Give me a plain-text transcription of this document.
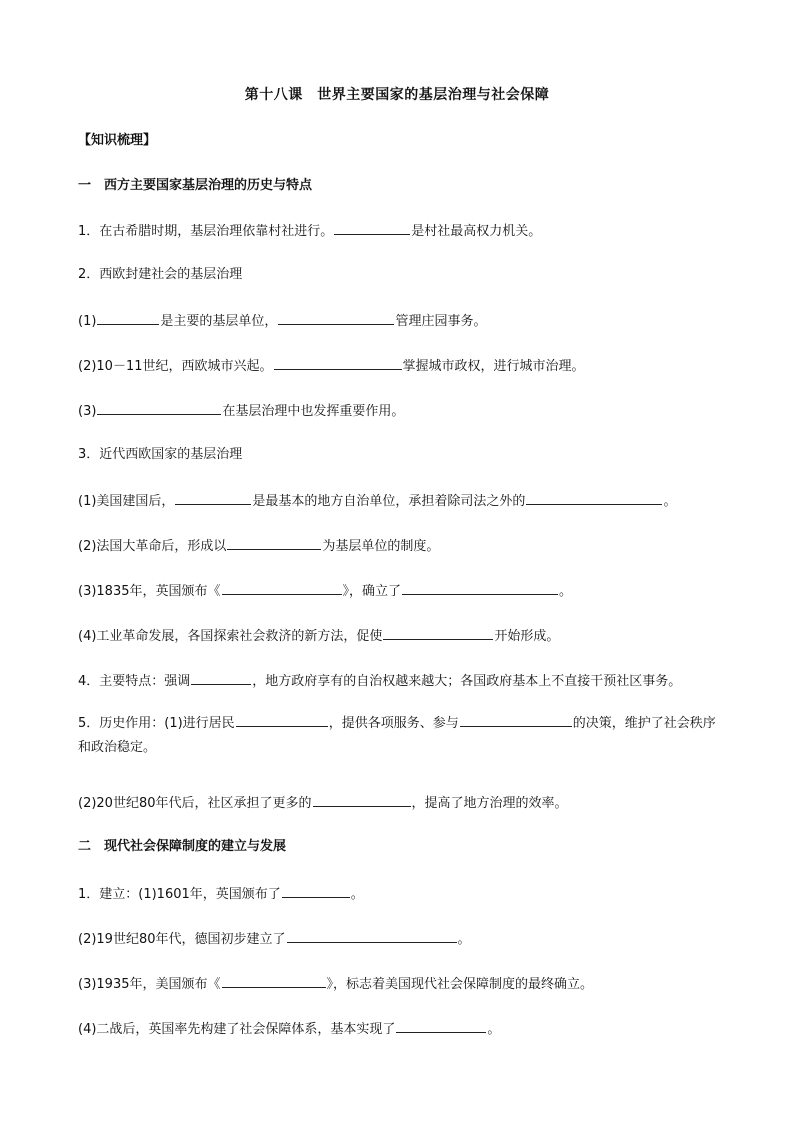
第十八课　世界主要国家的基层治理与社会保障
【知识梳理】
一　西方主要国家基层治理的历史与特点
1．在古希腊时期，基层治理依靠村社进行。	是村社最高权力机关。
2．西欧封建社会的基层治理
(1)	是主要的基层单位，	管理庄园事务。
(2)10－11世纪，西欧城市兴起。	掌握城市政权，进行城市治理。
(3)	在基层治理中也发挥重要作用。
3．近代西欧国家的基层治理
(1)美国建国后，	是最基本的地方自治单位，承担着除司法之外的	。
(2)法国大革命后，形成以	为基层单位的制度。
(3)1835年，英国颁布《	》，确立了	。
(4)工业革命发展，各国探索社会救济的新方法，促使	开始形成。
4．主要特点：强调	，地方政府享有的自治权越来越大；各国政府基本上不直接干预社区事务。
5．历史作用：(1)进行居民	，提供各项服务、参与	的决策，维护了社会秩序和政治稳定。
(2)20世纪80年代后，社区承担了更多的	，提高了地方治理的效率。
二　现代社会保障制度的建立与发展
1．建立：(1)1601年，英国颁布了	。
(2)19世纪80年代，德国初步建立了	。
(3)1935年，美国颁布《	》，标志着美国现代社会保障制度的最终确立。
(4)二战后，英国率先构建了社会保障体系，基本实现了	。
